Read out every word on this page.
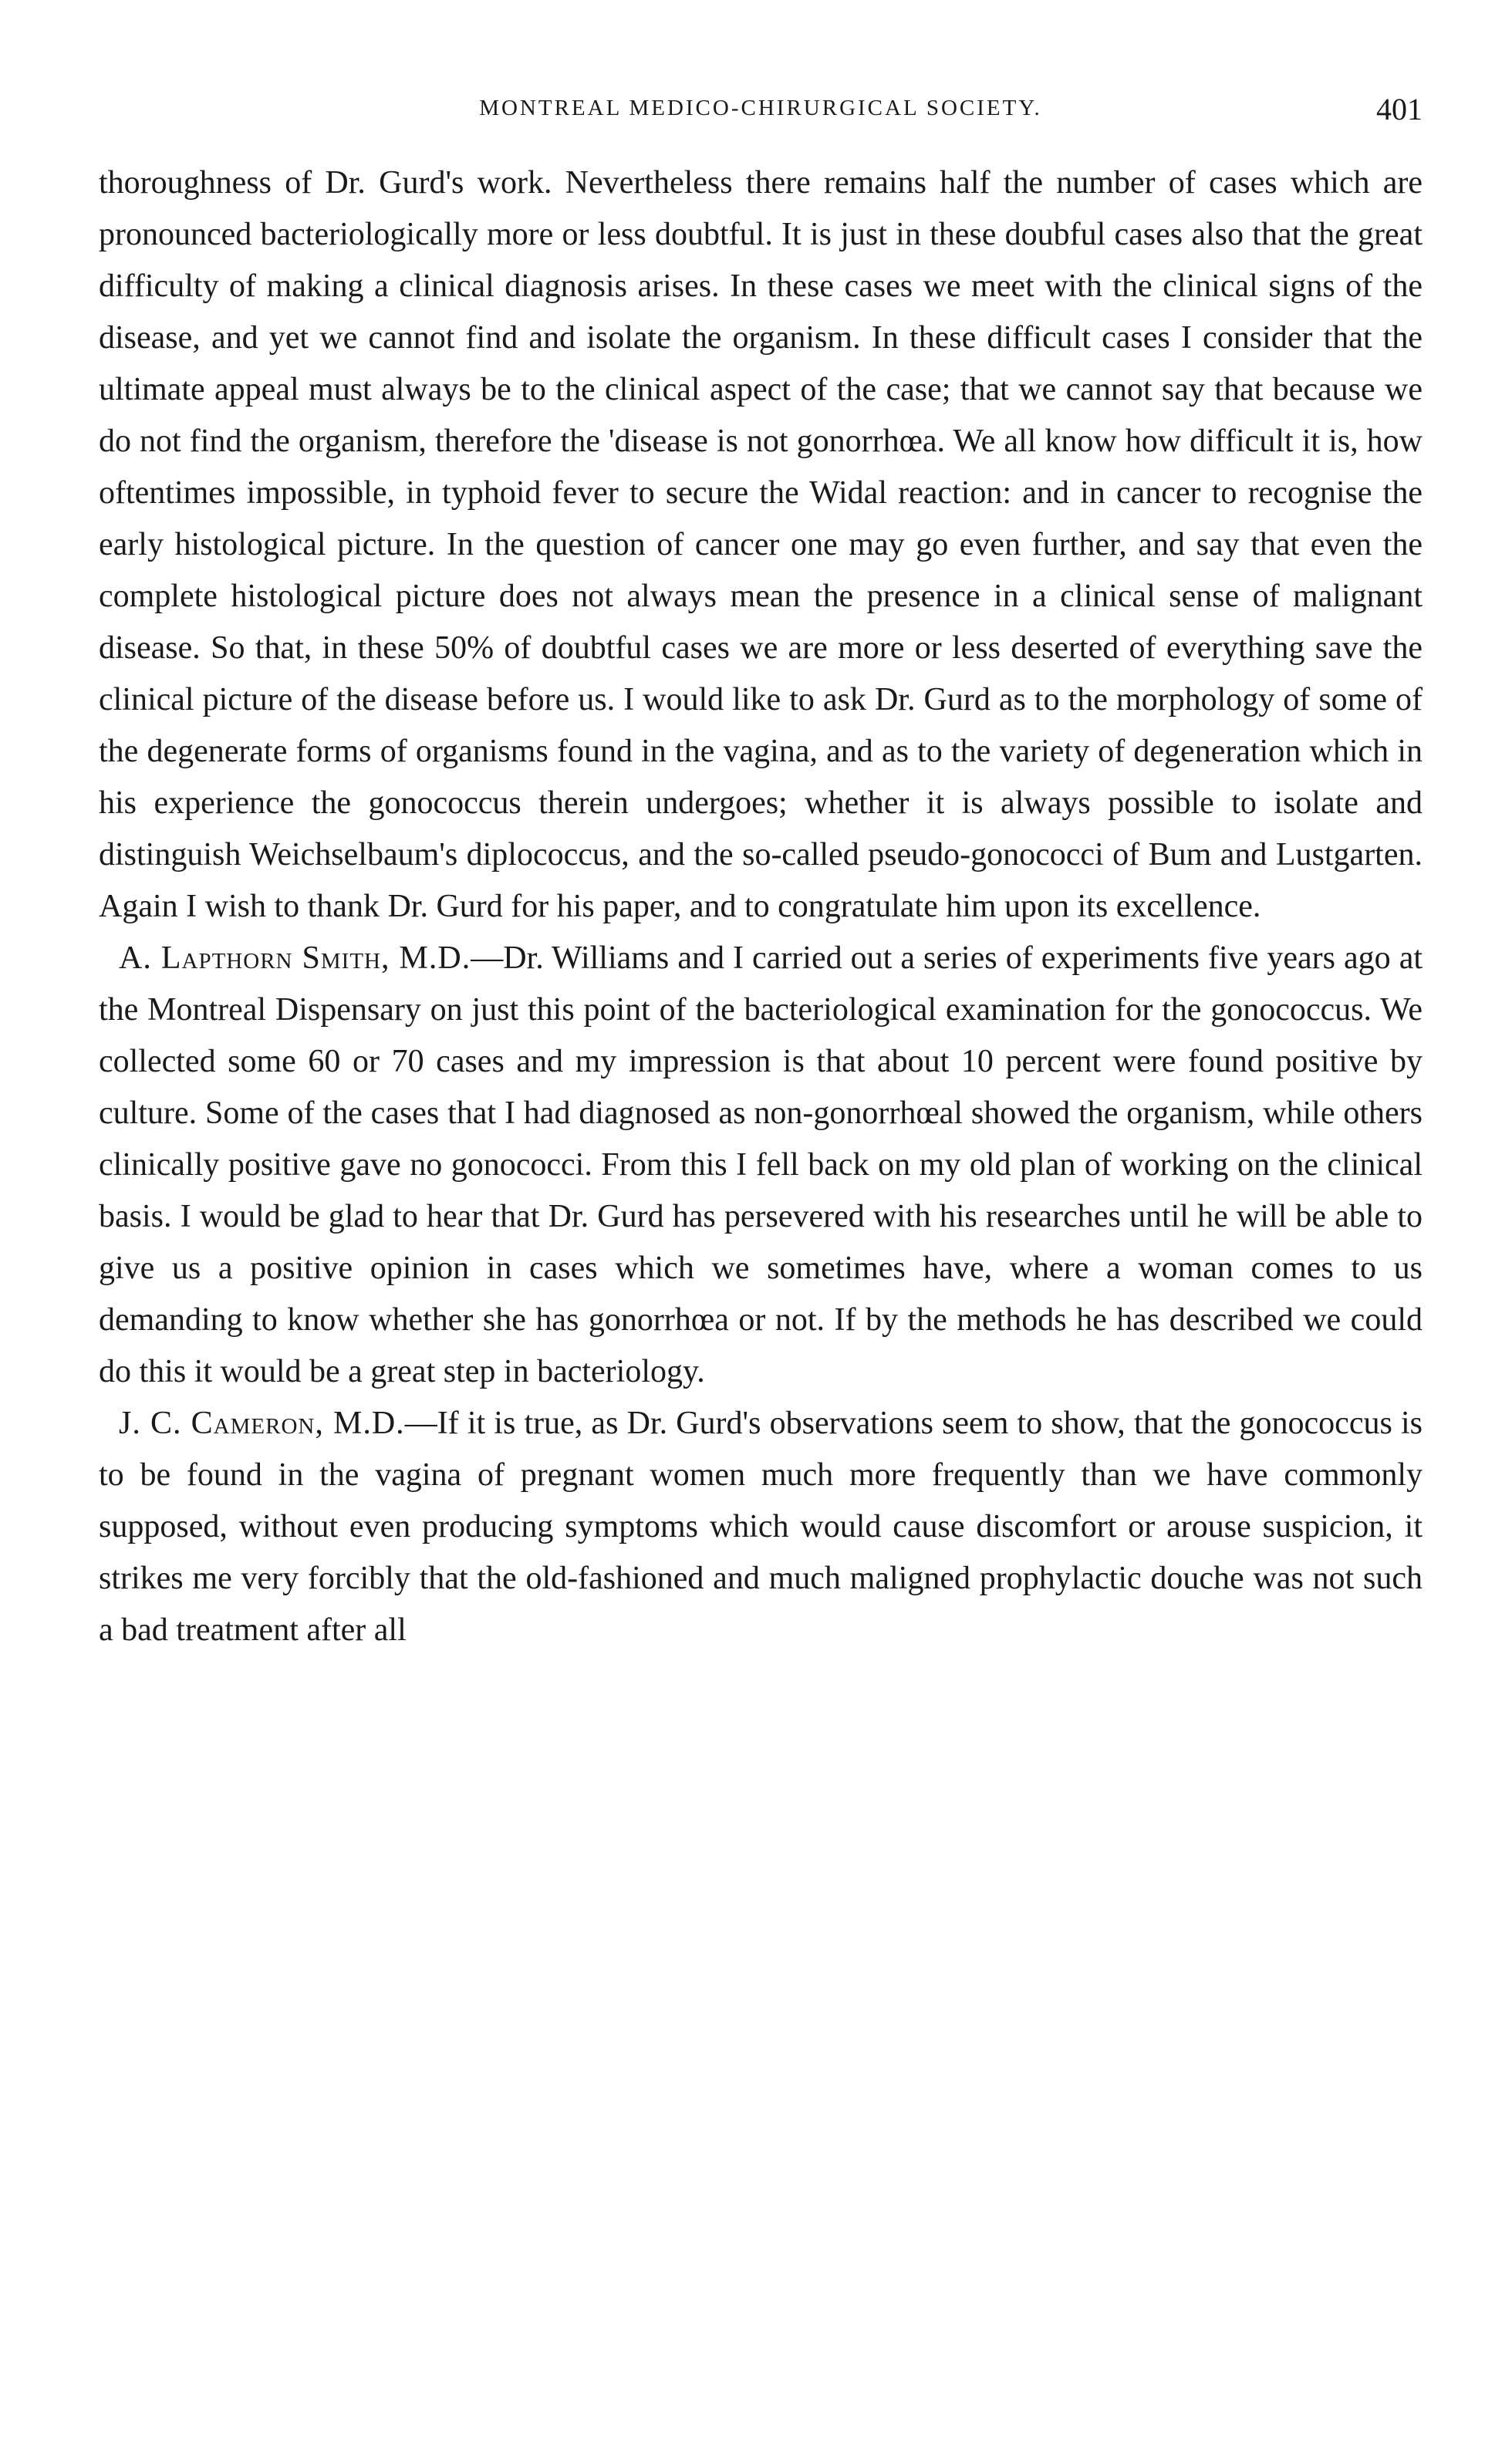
MONTREAL MEDICO-CHIRURGICAL SOCIETY.	401

thoroughness of Dr. Gurd's work. Nevertheless there remains half the number of cases which are pronounced bacteriologically more or less doubtful. It is just in these doubful cases also that the great difficulty of making a clinical diagnosis arises. In these cases we meet with the clinical signs of the disease, and yet we cannot find and isolate the organism. In these difficult cases I consider that the ultimate appeal must always be to the clinical aspect of the case; that we cannot say that because we do not find the organism, therefore the 'disease is not gonorrhœa. We all know how difficult it is, how oftentimes impossible, in typhoid fever to secure the Widal reaction: and in cancer to recognise the early histological picture. In the question of cancer one may go even further, and say that even the complete histological picture does not always mean the presence in a clinical sense of malignant disease. So that, in these 50% of doubtful cases we are more or less deserted of everything save the clinical picture of the disease before us. I would like to ask Dr. Gurd as to the morphology of some of the degenerate forms of organisms found in the vagina, and as to the variety of degeneration which in his experience the gonococcus therein undergoes; whether it is always possible to isolate and distinguish Weichselbaum's diplococcus, and the so-called pseudo-gonococci of Bum and Lustgarten. Again I wish to thank Dr. Gurd for his paper, and to congratulate him upon its excellence.

A. Lapthorn Smith, M.D.—Dr. Williams and I carried out a series of experiments five years ago at the Montreal Dispensary on just this point of the bacteriological examination for the gonococcus. We collected some 60 or 70 cases and my impression is that about 10 percent were found positive by culture. Some of the cases that I had diagnosed as non-gonorrhœal showed the organism, while others clinically positive gave no gonococci. From this I fell back on my old plan of working on the clinical basis. I would be glad to hear that Dr. Gurd has persevered with his researches until he will be able to give us a positive opinion in cases which we sometimes have, where a woman comes to us demanding to know whether she has gonorrhœa or not. If by the methods he has described we could do this it would be a great step in bacteriology.

J. C. Cameron, M.D.—If it is true, as Dr. Gurd's observations seem to show, that the gonococcus is to be found in the vagina of pregnant women much more frequently than we have commonly supposed, without even producing symptoms which would cause discomfort or arouse suspicion, it strikes me very forcibly that the old-fashioned and much maligned prophylactic douche was not such a bad treatment after all
